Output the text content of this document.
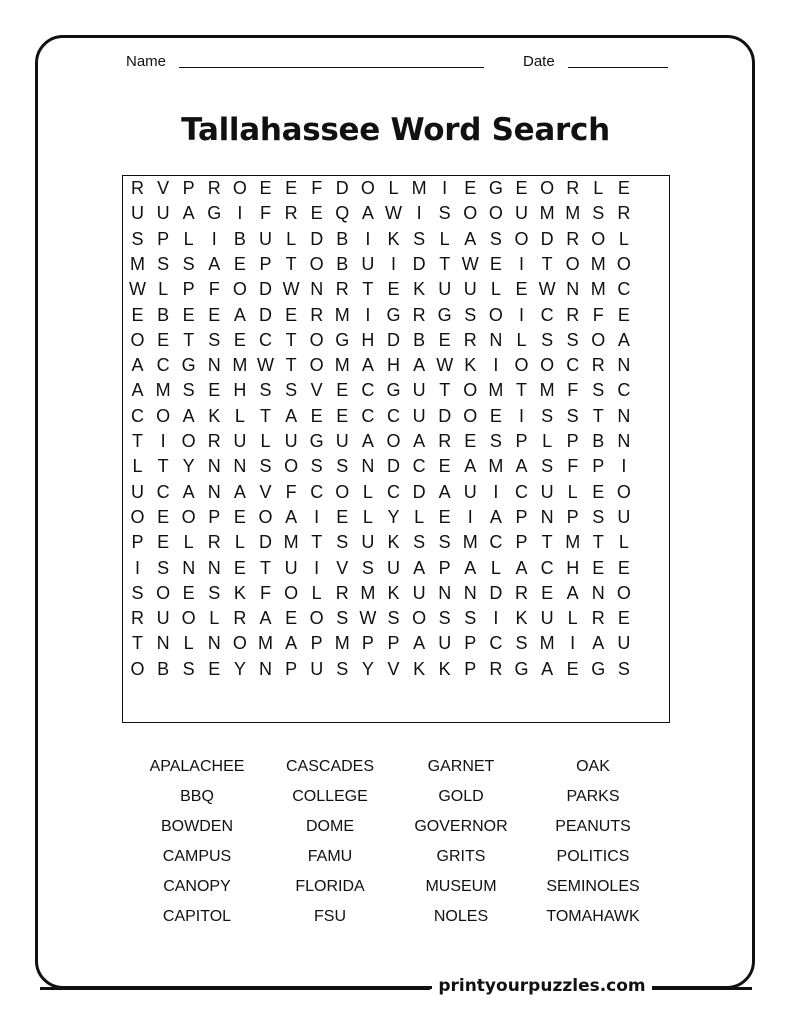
Name	Date
Tallahassee Word Search
R V P R O E E F D O L M I E G E O R L E
U U A G I F R E Q A W I S O O U M M S R
S P L	I B U L D B I K S L A S O D R O L
M S S A E P T O B U I D T W E I T O M O
W L P F O D W N R T E K U U L E W N M C
E B E E A D E R M I G R G S O I C R F E
O E T S E C T O G H D B E R N L S S O A
A C G N M W T O M A H A W K I O O C R N
A M S E H S S V E C G U T O M T M F S C
C O A K L T A E E C C U D O E I S S T N
T I O R U L U G U A O A R E S P L P B N
L T Y N N S O S S N D C E A M A S F P I
U C A N A V F C O L C D A U I C U L E O
O E O P E O A I E L Y L E I A P N P S U
P E L R L D M T S U K S S M C P T M T L
I S N N E T U I V S U A P A L A C H E E
S O E S K F O L R M K U N N D R E A N O
R U O L R A E O S W S O S S I K U L R E
T N L N O M A P M P P A U P C S M I A U
O B S E Y N P U S Y V K K P R G A E G S
APALACHEE
BBQ
BOWDEN
CAMPUS
CANOPY
CAPITOL
CASCADES
COLLEGE
DOME
FAMU
FLORIDA
FSU
GARNET
GOLD
GOVERNOR
GRITS
MUSEUM
NOLES
OAK
PARKS
PEANUTS
POLITICS
SEMINOLES
TOMAHAWK
printyourpuzzles.com
